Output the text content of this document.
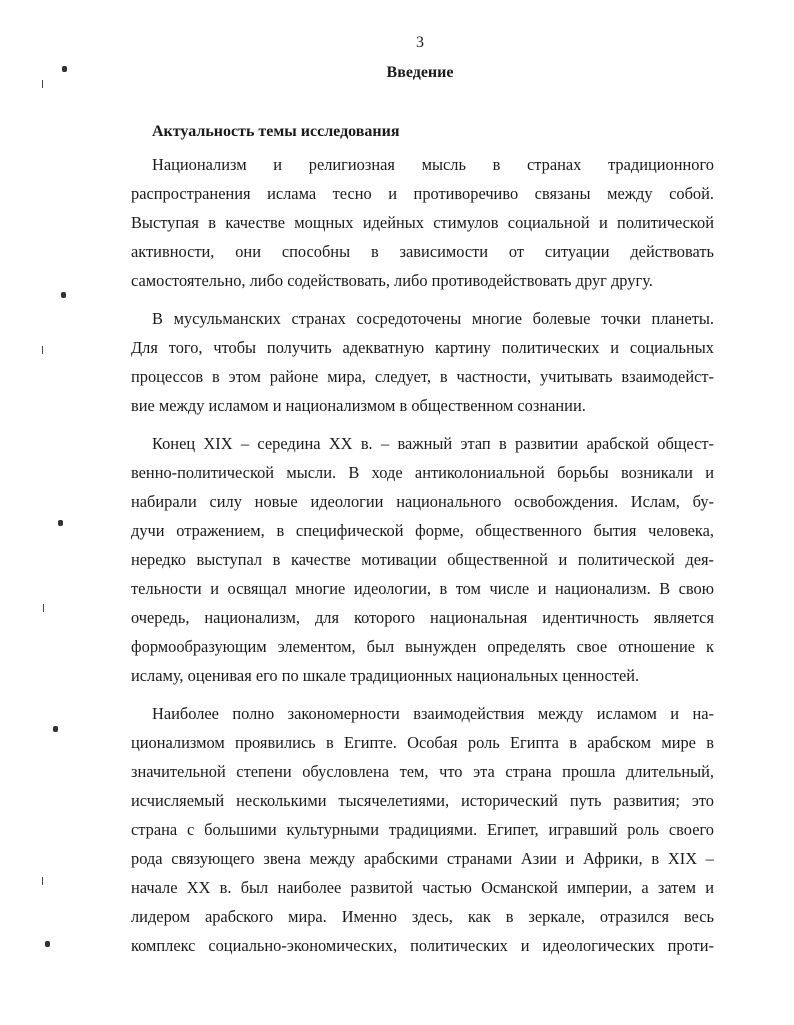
3
Введение
Актуальность темы исследования
Национализм и религиозная мысль в странах традиционного
распространения ислама тесно и противоречиво связаны между собой.
Выступая в качестве мощных идейных стимулов социальной и политической
активности, они способны в зависимости от ситуации действовать
самостоятельно, либо содействовать, либо противодействовать друг другу.
В мусульманских странах сосредоточены многие болевые точки планеты.
Для того, чтобы получить адекватную картину политических и социальных
процессов в этом районе мира, следует, в частности, учитывать взаимодейст-
вие между исламом и национализмом в общественном сознании.
Конец XIX – середина XX в. – важный этап в развитии арабской общест-
венно-политической мысли. В ходе антиколониальной борьбы возникали и
набирали силу новые идеологии национального освобождения. Ислам, бу-
дучи отражением, в специфической форме, общественного бытия человека,
нередко выступал в качестве мотивации общественной и политической дея-
тельности и освящал многие идеологии, в том числе и национализм. В свою
очередь, национализм, для которого национальная идентичность является
формообразующим элементом, был вынужден определять свое отношение к
исламу, оценивая его по шкале традиционных национальных ценностей.
Наиболее полно закономерности взаимодействия между исламом и на-
ционализмом проявились в Египте. Особая роль Египта в арабском мире в
значительной степени обусловлена тем, что эта страна прошла длительный,
исчисляемый несколькими тысячелетиями, исторический путь развития; это
страна с большими культурными традициями. Египет, игравший роль своего
рода связующего звена между арабскими странами Азии и Африки, в XIX –
начале XX в. был наиболее развитой частью Османской империи, а затем и
лидером арабского мира. Именно здесь, как в зеркале, отразился весь
комплекс социально-экономических, политических и идеологических проти-
